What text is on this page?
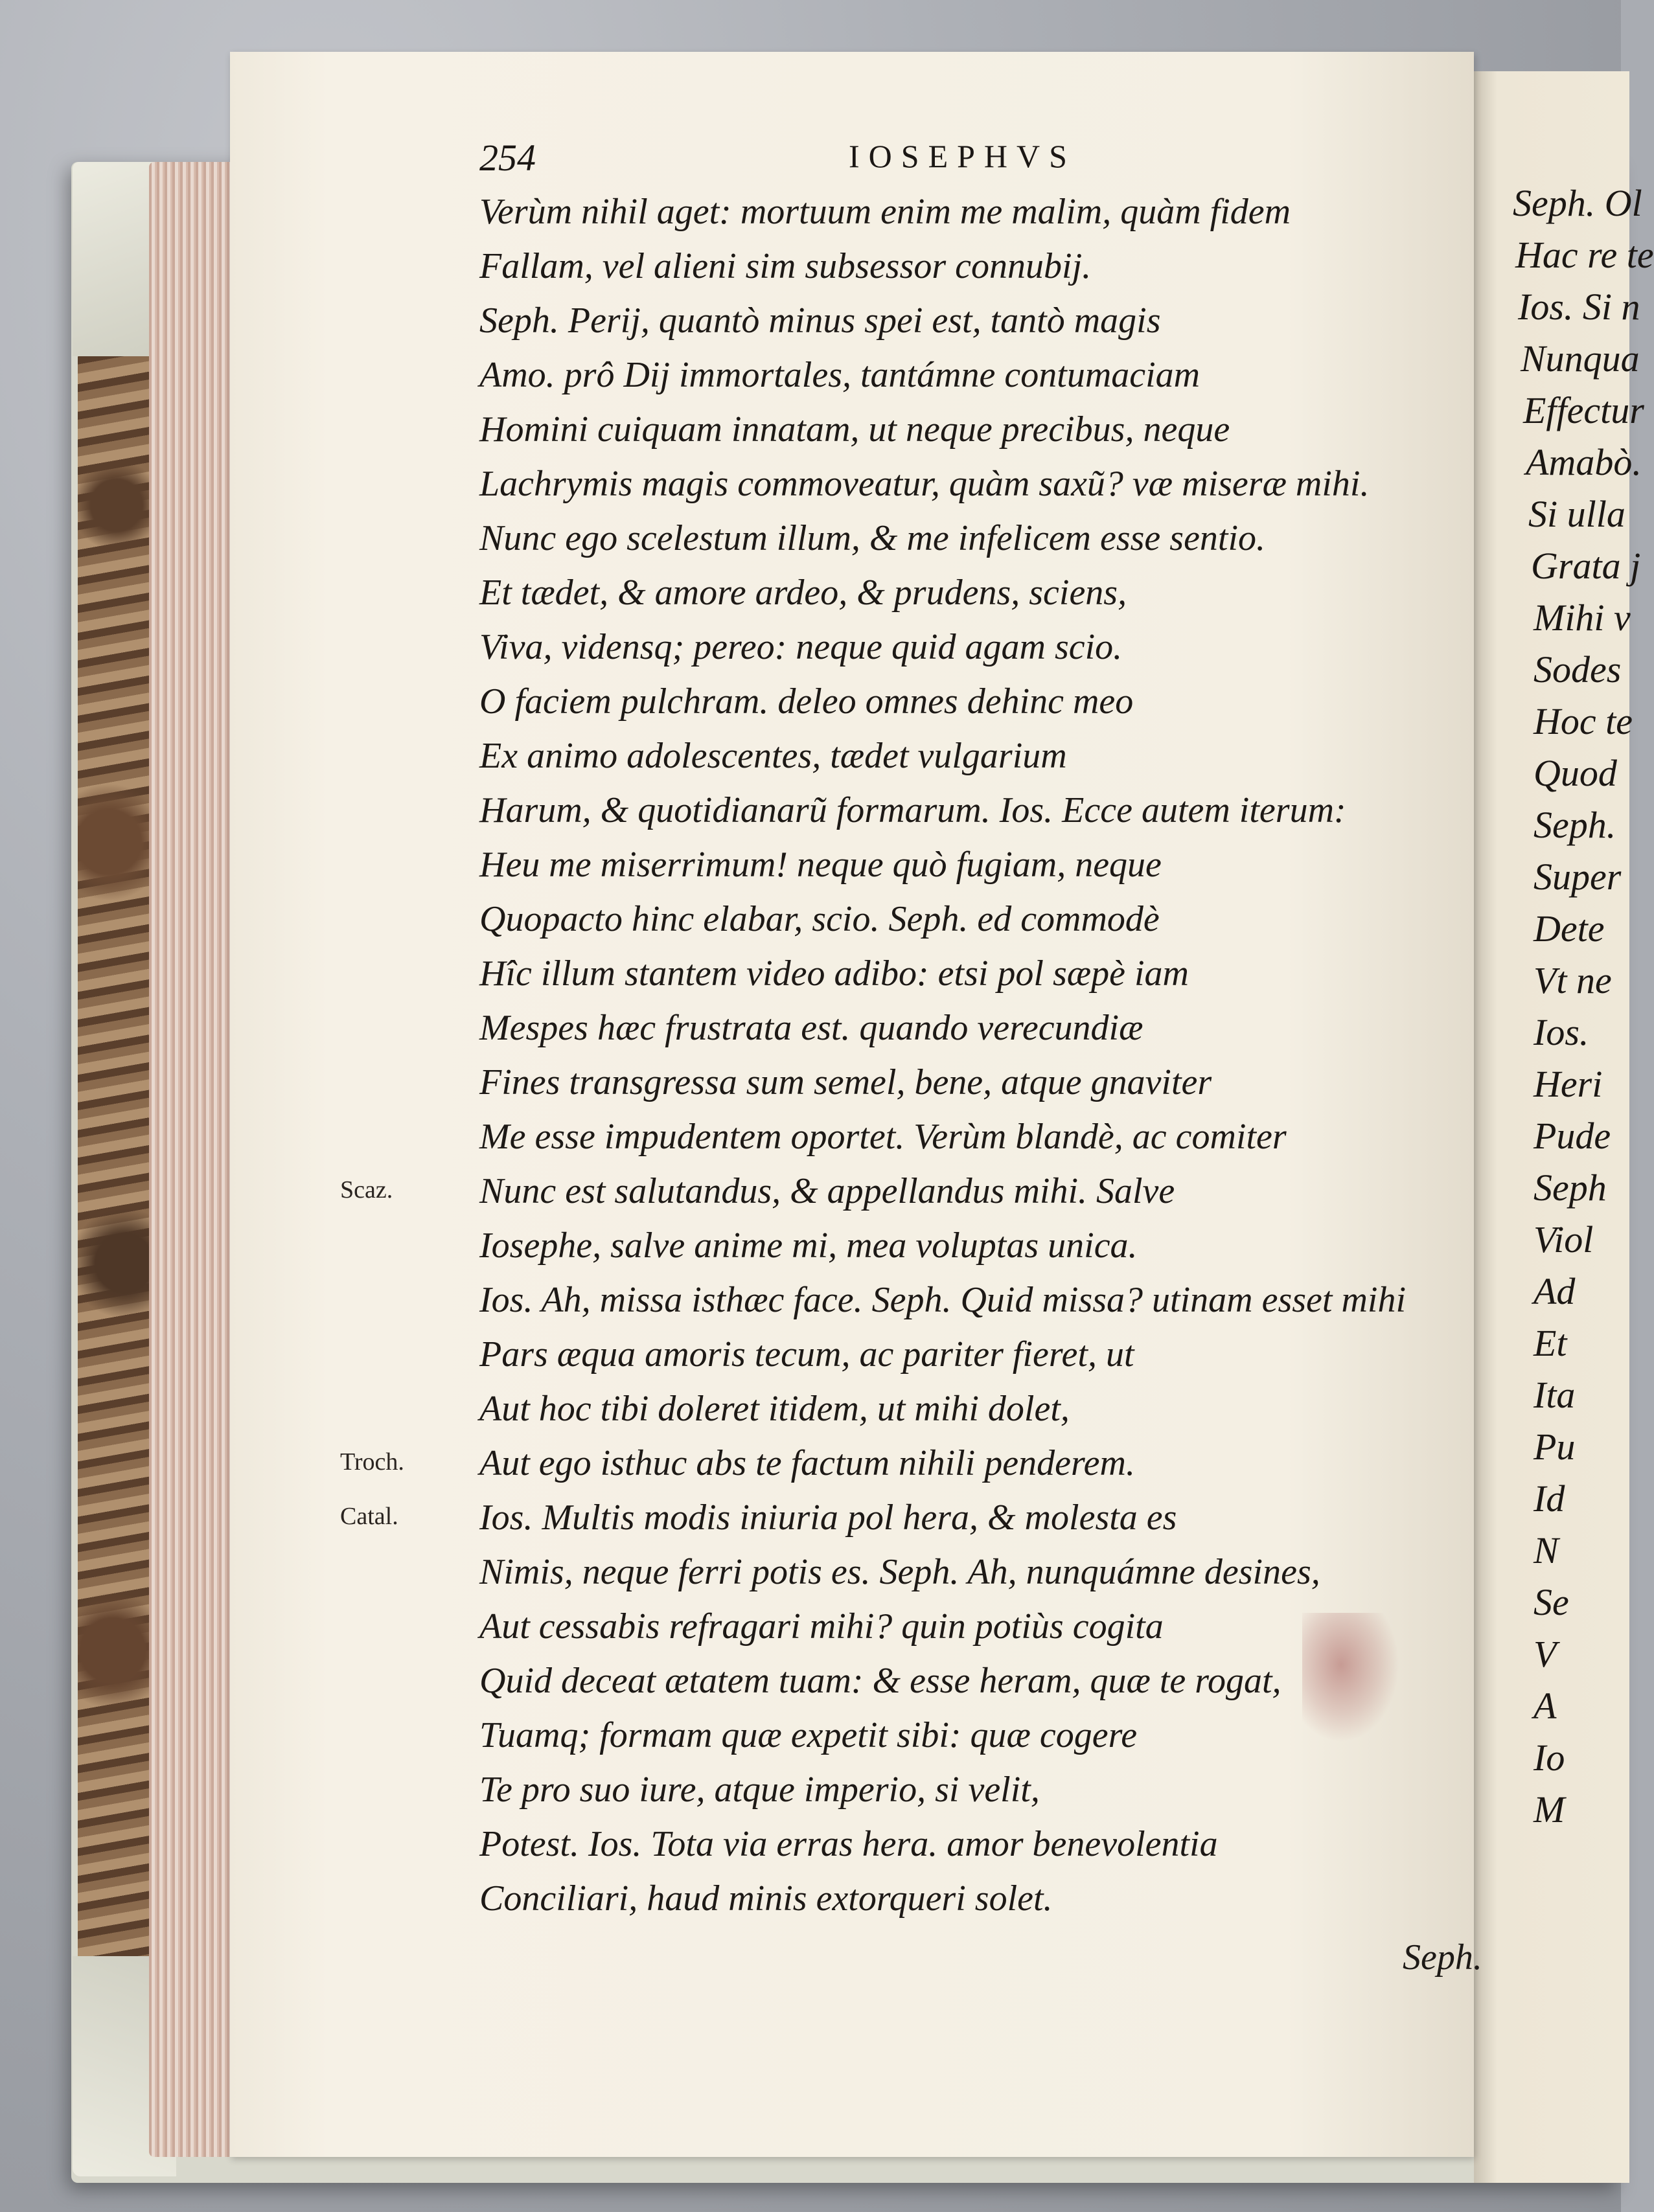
Seph. Ol
Hac re te
Ios. Si n
Nunqua
Effectur
Amabò.
Si ulla
Grata j
Mihi v
Sodes
Hoc te
Quod
Seph.
Super
Dete
Vt ne
Ios.
Heri
Pude
Seph
Viol
Ad
Et
Ita
Pu
Id
N
Se
V
A
Io
M
254	IOSEPHVS
Verùm nihil aget: mortuum enim me malim, quàm fidem
Fallam, vel alieni sim subsessor connubij.
Seph. Perij, quantò minus spei est, tantò magis
Amo. prô Dij immortales, tantámne contumaciam
Homini cuiquam innatam, ut neque precibus, neque
Lachrymis magis commoveatur, quàm saxũ? væ miseræ mihi.
Nunc ego scelestum illum, & me infelicem esse sentio.
Et tædet, & amore ardeo, & prudens, sciens,
Viva, vidensq; pereo: neque quid agam scio.
O faciem pulchram. deleo omnes dehinc meo
Ex animo adolescentes, tædet vulgarium
Harum, & quotidianarũ formarum. Ios. Ecce autem iterum:
Heu me miserrimum! neque quò fugiam, neque
Quopacto hinc elabar, scio. Seph. ed commodè
Hîc illum stantem video adibo: etsi pol sæpè iam
Mespes hæc frustrata est. quando verecundiæ
Fines transgressa sum semel, bene, atque gnaviter
Me esse impudentem oportet. Verùm blandè, ac comiter
Nunc est salutandus, & appellandus mihi. Salve
Iosephe, salve anime mi, mea voluptas unica.
Ios. Ah, missa isthæc face. Seph. Quid missa? utinam esset mihi
Pars æqua amoris tecum, ac pariter fieret, ut
Aut hoc tibi doleret itidem, ut mihi dolet,
Aut ego isthuc abs te factum nihili penderem.
Ios. Multis modis iniuria pol hera, & molesta es
Nimis, neque ferri potis es. Seph. Ah, nunquámne desines,
Aut cessabis refragari mihi? quin potiùs cogita
Quid deceat ætatem tuam: & esse heram, quæ te rogat,
Tuamq; formam quæ expetit sibi: quæ cogere
Te pro suo iure, atque imperio, si velit,
Potest. Ios. Tota via erras hera. amor benevolentia
Conciliari, haud minis extorqueri solet.
Scaz.
Troch.
Catal.
Seph.
